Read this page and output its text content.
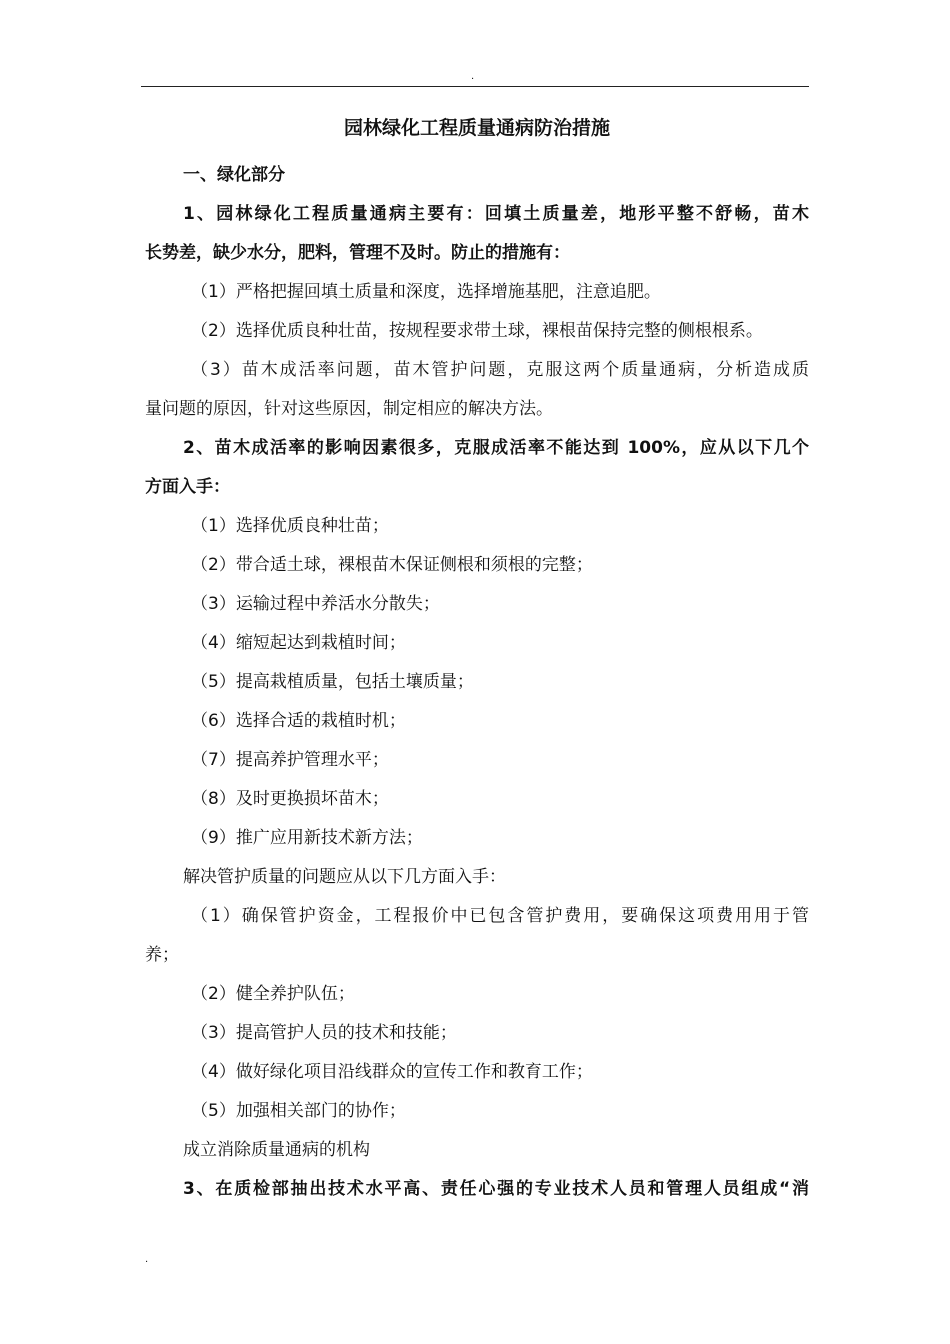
.
园林绿化工程质量通病防治措施
一、绿化部分
1、园林绿化工程质量通病主要有：回填土质量差，地形平整不舒畅，苗木
长势差，缺少水分，肥料，管理不及时。防止的措施有：
（1）严格把握回填土质量和深度，选择增施基肥，注意追肥。
（2）选择优质良种壮苗，按规程要求带土球，裸根苗保持完整的侧根根系。
（3）苗木成活率问题，苗木管护问题，克服这两个质量通病，分析造成质
量问题的原因，针对这些原因，制定相应的解决方法。
2、苗木成活率的影响因素很多，克服成活率不能达到 100%，应从以下几个
方面入手：
（1）选择优质良种壮苗；
（2）带合适土球，裸根苗木保证侧根和须根的完整；
（3）运输过程中养活水分散失；
（4）缩短起达到栽植时间；
（5）提高栽植质量，包括土壤质量；
（6）选择合适的栽植时机；
（7）提高养护管理水平；
（8）及时更换损坏苗木；
（9）推广应用新技术新方法；
解决管护质量的问题应从以下几方面入手：
（1）确保管护资金，工程报价中已包含管护费用，要确保这项费用用于管
养；
（2）健全养护队伍；
（3）提高管护人员的技术和技能；
（4）做好绿化项目沿线群众的宣传工作和教育工作；
（5）加强相关部门的协作；
成立消除质量通病的机构
3、在质检部抽出技术水平高、责任心强的专业技术人员和管理人员组成“消
.
